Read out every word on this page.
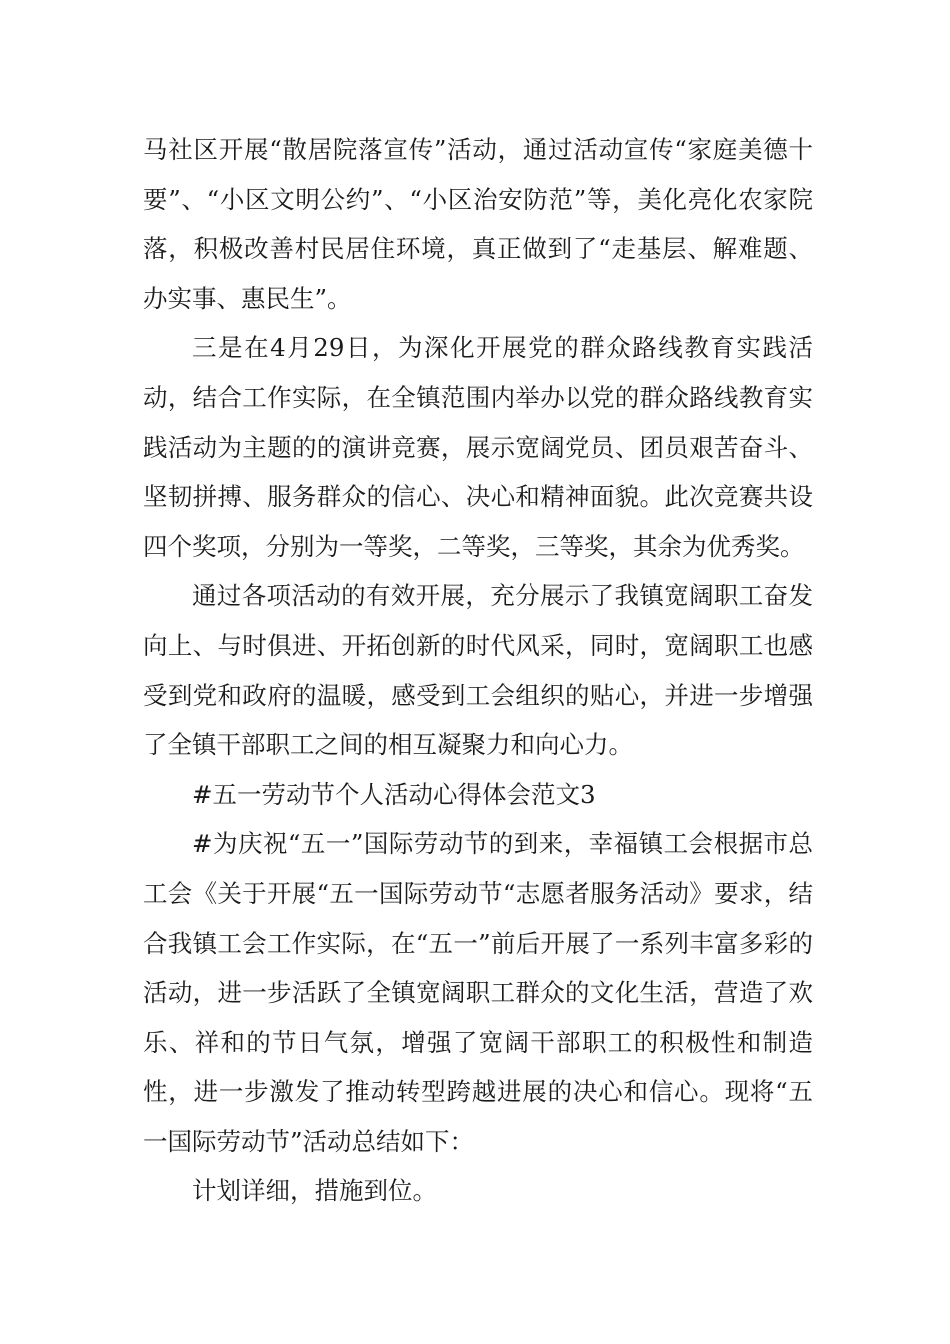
马社区开展“散居院落宣传”活动，通过活动宣传“家庭美德十要”、“小区文明公约”、“小区治安防范”等，美化亮化农家院落，积极改善村民居住环境，真正做到了“走基层、解难题、办实事、惠民生”。

三是在4月29日，为深化开展党的群众路线教育实践活动，结合工作实际，在全镇范围内举办以党的群众路线教育实践活动为主题的的演讲竞赛，展示宽阔党员、团员艰苦奋斗、坚韧拼搏、服务群众的信心、决心和精神面貌。此次竞赛共设四个奖项，分别为一等奖，二等奖，三等奖，其余为优秀奖。

通过各项活动的有效开展，充分展示了我镇宽阔职工奋发向上、与时俱进、开拓创新的时代风采，同时，宽阔职工也感受到党和政府的温暖，感受到工会组织的贴心，并进一步增强了全镇干部职工之间的相互凝聚力和向心力。

#五一劳动节个人活动心得体会范文3

#为庆祝“五一”国际劳动节的到来，幸福镇工会根据市总工会《关于开展“五一国际劳动节“志愿者服务活动》要求，结合我镇工会工作实际，在“五一”前后开展了一系列丰富多彩的活动，进一步活跃了全镇宽阔职工群众的文化生活，营造了欢乐、祥和的节日气氛，增强了宽阔干部职工的积极性和制造性，进一步激发了推动转型跨越进展的决心和信心。现将“五一国际劳动节”活动总结如下：

计划详细，措施到位。
